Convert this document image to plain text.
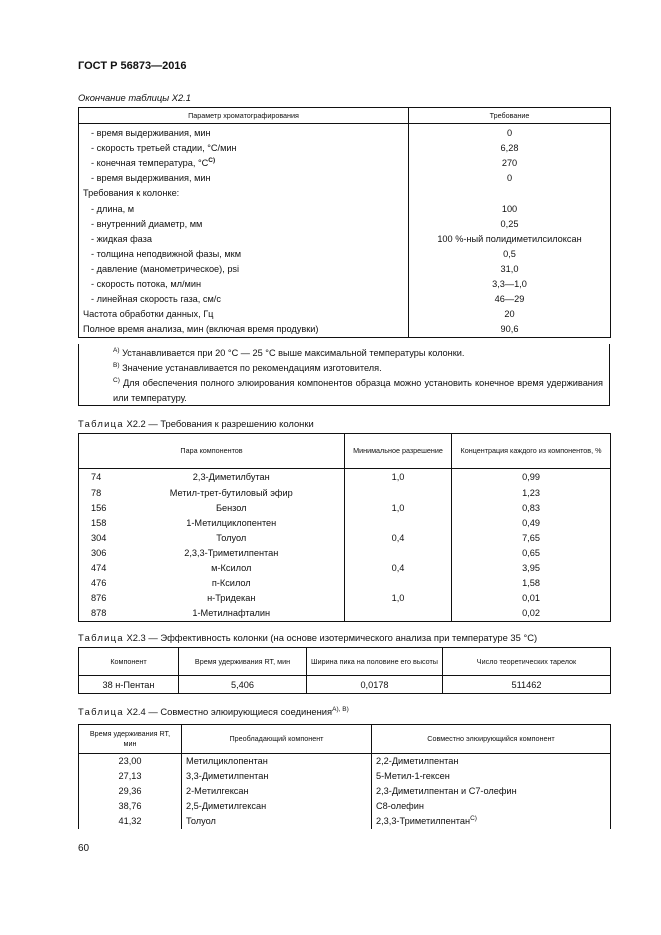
ГОСТ Р 56873—2016
Окончание таблицы Х2.1
Параметр хроматографирования	Требование
- время выдерживания, мин	0
- скорость третьей стадии, °С/мин	6,28
- конечная температура, $^\circ С^{С)}$	270
- время выдерживания, мин	0
Требования к колонке:	
- длина, м	100
- внутренний диаметр, мм	0,25
- жидкая фаза	100 %-ный полидиметилсилоксан
- толщина неподвижной фазы, мкм	0,5
- давление (манометрическое), psi	31,0
- скорость потока, мл/мин	3,3—1,0
- линейная скорость газа, см/с	46—29
Частота обработки данных, Гц	20
Полное время анализа, мин (включая время продувки)	90,6

$^{А)}$ Устанавливается при 20 °С — 25 °С выше максимальной температуры колонки.

$^{В)}$ Значение устанавливается по рекомендациям изготовителя.

$^{С)}$ Для обеспечения полного элюирования компонентов образца можно установить конечное время удерживания или температуру.

Таблица Х2.2 — Требования к разрешению колонки
Пара компонентов		Минимальное разрешение	Концентрация каждого из компонентов, %
74	2,3-Диметилбутан	1,0	0,99
78	Метил-трет-бутиловый эфир		1,23
156	Бензол	1,0	0,83
158	1-Метилциклопентен		0,49
304	Толуол	0,4	7,65
306	2,3,3-Триметилпентан		0,65
474	м-Ксилол	0,4	3,95
476	п-Ксилол		1,58
876	н-Тридекан	1,0	0,01
878	1-Метилнафталин		0,02
Таблица Х2.3 — Эффективность колонки (на основе изотермического анализа при температуре 35 °С)
Компонент	Время удерживания RT, мин	Ширина пика на половине его высоты	Число теоретических тарелок
38 н-Пентан	5,406	0,0178	511462
Таблица Х2.4 — Совместно элюирующиеся соединения$^{А), В)}$
Время удерживания RT, мин	Преобладающий компонент	Совместно элюирующийся компонент
23,00	Метилциклопентан	2,2-Диметилпентан
27,13	3,3-Диметилпентан	5-Метил-1-гексен
29,36	2-Метилгексан	2,3-Диметилпентан и С7-олефин
38,76	2,5-Диметилгексан	С8-олефин
41,32	Толуол	2,3,3-Триметилпентан$^{С)}$
60
